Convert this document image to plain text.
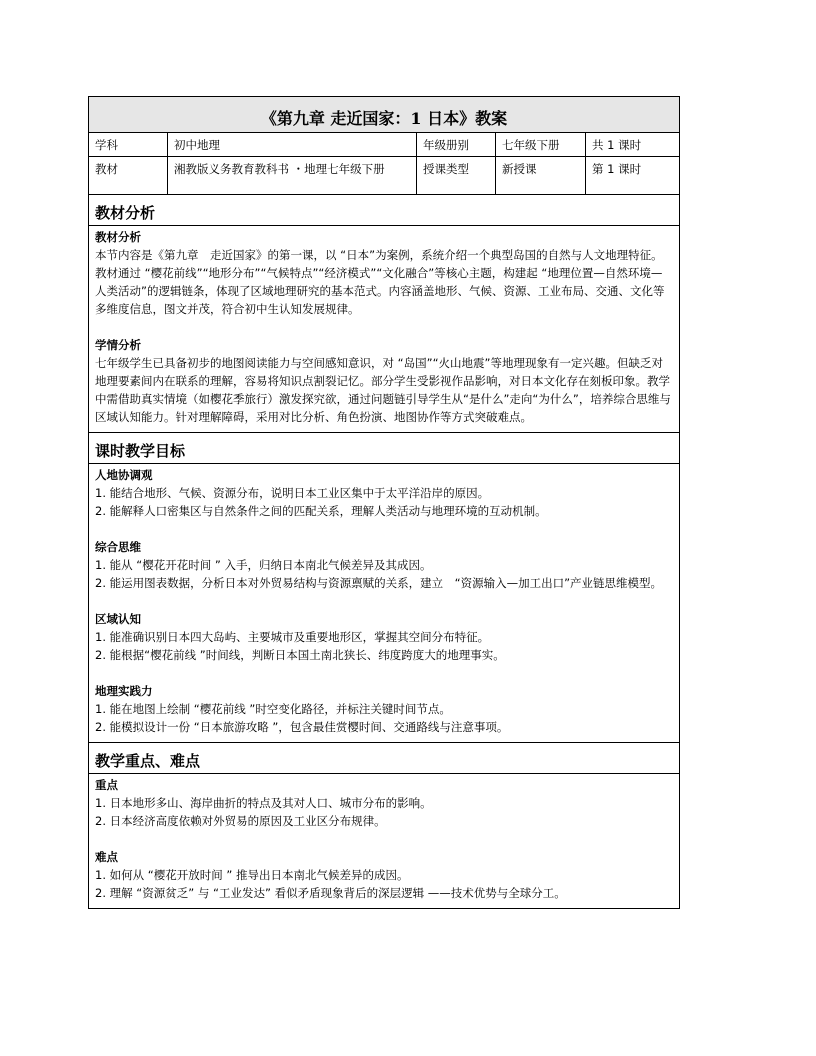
《第九章 走近国家：1 日本》教案
学科	初中地理	年级册别	七年级下册	共 1 课时
教材	湘教版义务教育教科书 ・地理七年级下册	授课类型	新授课	第 1 课时
教材分析
教材分析

本节内容是《第九章　走近国家》的第一课，以 “日本”为案例，系统介绍一个典型岛国的自然与人文地理特征。教材通过 “樱花前线”“地形分布”“气候特点”“经济模式”“文化融合”等核心主题，构建起 “地理位置—自然环境—人类活动”的逻辑链条，体现了区域地理研究的基本范式。内容涵盖地形、气候、资源、工业布局、交通、文化等多维度信息，图文并茂，符合初中生认知发展规律。

学情分析

七年级学生已具备初步的地图阅读能力与空间感知意识，对 “岛国”“火山地震”等地理现象有一定兴趣。但缺乏对地理要素间内在联系的理解，容易将知识点割裂记忆。部分学生受影视作品影响，对日本文化存在刻板印象。教学中需借助真实情境（如樱花季旅行）激发探究欲，通过问题链引导学生从“是什么”走向“为什么”，培养综合思维与区域认知能力。针对理解障碍，采用对比分析、角色扮演、地图协作等方式突破难点。

课时教学目标
人地协调观
1. 能结合地形、气候、资源分布，说明日本工业区集中于太平洋沿岸的原因。
2. 能解释人口密集区与自然条件之间的匹配关系，理解人类活动与地理环境的互动机制。
综合思维
1. 能从 “樱花开花时间 ” 入手，归纳日本南北气候差异及其成因。
2. 能运用图表数据，分析日本对外贸易结构与资源禀赋的关系，建立　“资源输入—加工出口”产业链思维模型。
区域认知
1. 能准确识别日本四大岛屿、主要城市及重要地形区，掌握其空间分布特征。
2. 能根据“樱花前线 ”时间线，判断日本国土南北狭长、纬度跨度大的地理事实。
地理实践力
1. 能在地图上绘制 “樱花前线 ”时空变化路径，并标注关键时间节点。
2. 能模拟设计一份 “日本旅游攻略 ”，包含最佳赏樱时间、交通路线与注意事项。
教学重点、难点
重点
1. 日本地形多山、海岸曲折的特点及其对人口、城市分布的影响。
2. 日本经济高度依赖对外贸易的原因及工业区分布规律。
难点
1. 如何从 “樱花开放时间 ” 推导出日本南北气候差异的成因。
2. 理解 “资源贫乏” 与 “工业发达” 看似矛盾现象背后的深层逻辑 ——技术优势与全球分工。
